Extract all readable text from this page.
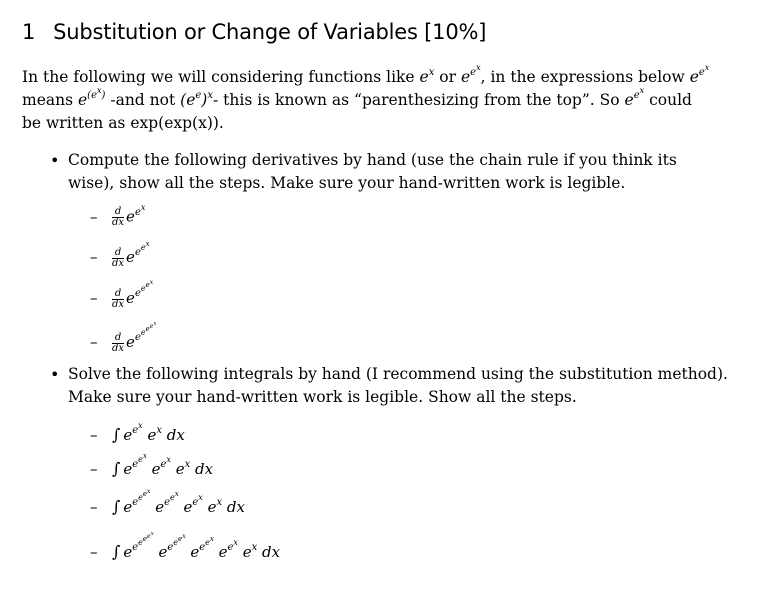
1 Substitution or Change of Variables [10%]
In the following we will considering functions like $e^x$ or $e^{e^x}$, in the expressions below $e^{e^x}$
means $e^{(e^x)}$ -and not $(e^e)^x-$ this is known as “parenthesizing from the top”. So $e^{e^x}$ could
be written as exp(exp(x)).
• Compute the following derivatives by hand (use the chain rule if you think its
wise), show all the steps. Make sure your hand-written work is legible.
– $\frac{d}{dx} e^{e^x}$
– $\frac{d}{dx} e^{e^{e^x}}$
– $\frac{d}{dx} e^{e^{e^{e^x}}}$
– $\frac{d}{dx} e^{e^{e^{e^{e^x}}}}$
• Solve the following integrals by hand (I recommend using the substitution method).
Make sure your hand-written work is legible. Show all the steps.
– ∫ $e^{e^x}$ $e^x$ dx
– ∫ $e^{e^{e^x}}$ $e^{e^x}$ $e^x$ dx
– ∫ $e^{e^{e^{e^x}}}$ $e^{e^{e^x}}$ $e^{e^x}$ $e^x$ dx
– ∫ $e^{e^{e^{e^{e^x}}}}$ $e^{e^{e^{e^x}}}$ $e^{e^{e^x}}$ $e^{e^x}$ $e^x$ dx
